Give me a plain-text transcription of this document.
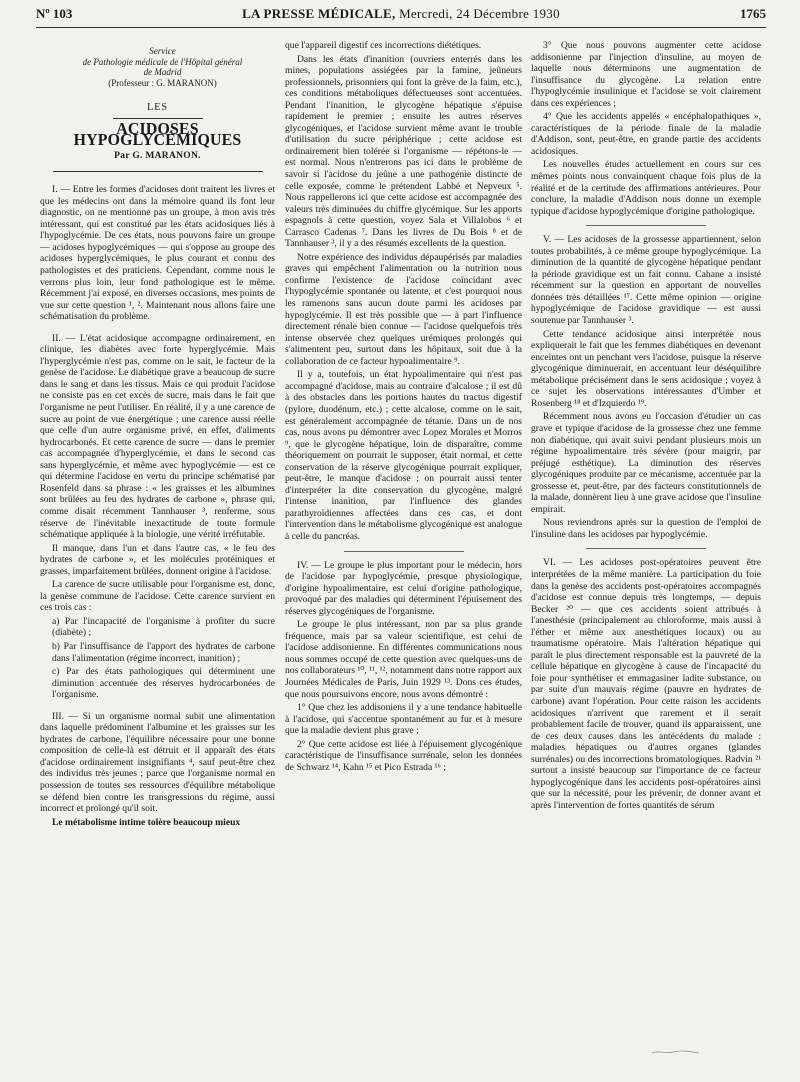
Nº 103	LA PRESSE MÉDICALE, Mercredi, 24 Décembre 1930	1765
Service
de Pathologie médicale de l'Hôpital général
de Madrid
(Professeur : G. MARANON)
LES
ACIDOSES HYPOGLYCÉMIQUES
Par G. MARANON.

I. — Entre les formes d'acidoses dont traitent les livres et que les médecins ont dans la mémoire quand ils font leur diagnostic, on ne mentionne pas un groupe, à mon avis très intéressant, qui est constitué par les états acidosiques liés à l'hypoglycémie. De ces états, nous pouvons faire un groupe — acidoses hypoglycémiques — qui s'oppose au groupe des acidoses hyperglycémiques, le plus courant et connu des pathologistes et des praticiens. Cependant, comme nous le verrons plus loin, leur fond pathologique est le même. Récemment j'ai exposé, en diverses occasions, mes points de vue sur cette question ¹, ². Maintenant nous allons faire une schématisation du problème.

II. — L'état acidosique accompagne ordinairement, en clinique, les diabètes avec forte hyperglycémie. Mais l'hyperglycémie n'est pas, comme on le sait, le facteur de la genèse de l'acidose. Le diabétique grave a beaucoup de sucre dans le sang et dans les tissus. Mais ce qui produit l'acidose ne consiste pas en cet excès de sucre, mais dans le fait que l'organisme ne peut l'utiliser. En réalité, il y a une carence de sucre au point de vue énergétique ; une carence aussi réelle que celle d'un autre organisme privé, en effet, d'aliments hydrocarbonés. Et cette carence de sucre — dans le premier cas accompagnée d'hyperglycémie, et dans le second cas sans hyperglycémie, et même avec hypoglycémie — est ce qui détermine l'acidose en vertu du principe schématisé par Rosenfeld dans sa phrase : « les graisses et les albumines sont brûlées au feu des hydrates de carbone », phrase qui, comme disait récemment Tannhauser ³, renferme, sous réserve de l'inévitable inexactitude de toute formule schématique appliquée à la biologie, une vérité irréfutable.

Il manque, dans l'un et dans l'autre cas, « le feu des hydrates de carbone », et les molécules protéiniques et grasses, imparfaitement brûlées, donnent origine à l'acidose.

La carence de sucre utilisable pour l'organisme est, donc, la genèse commune de l'acidose. Cette carence survient en ces trois cas :

a) Par l'incapacité de l'organisme à profiter du sucre (diabète) ;

b) Par l'insuffisance de l'apport des hydrates de carbone dans l'alimentation (régime incorrect, inanition) ;

c) Par des états pathologiques qui déterminent une diminution accentuée des réserves hydrocarbonées de l'organisme.

III. — Si un organisme normal subit une alimentation dans laquelle prédominent l'albumine et les graisses sur les hydrates de carbone, l'équilibre nécessaire pour une bonne composition de celle-là est détruit et il apparaît des états d'acidose ordinairement insignifiants ⁴, sauf peut-être chez des individus très jeunes ; parce que l'organisme normal en possession de toutes ses ressources d'équilibre métabolique se défend bien contre les transgressions du régime, aussi incorrect et prolongé qu'il soit.

Le métabolisme intime tolère beaucoup mieux

que l'appareil digestif ces incorrections diététiques.

Dans les états d'inanition (ouvriers enterrés dans les mines, populations assiégées par la famine, jeûneurs professionnels, prisonniers qui font la grève de la faim, etc.), ces conditions métaboliques défectueuses sont accentuées. Pendant l'inanition, le glycogène hépatique s'épuise rapidement le premier ; ensuite les autres réserves glycogéniques, et l'acidose survient même avant le trouble d'utilisation du sucre périphérique ; cette acidose est ordinairement bien tolérée si l'organisme — répétons-le — est normal. Nous n'entrerons pas ici dans le problème de savoir si l'acidose du jeûne a une pathogénie distincte de celle exposée, comme le prétendent Labbé et Nepveux ⁵. Nous rappellerons ici que cette acidose est accompagnée des valeurs très diminuées du chiffre glycémique. Sur les apports espagnols à cette question, voyez Sala et Villalobos ⁶ et Carrasco Cadenas ⁷. Dans les livres de Du Bois ⁸ et de Tannhauser ³, il y a des résumés excellents de la question.

Notre expérience des individus dépaupérisés par maladies graves qui empêchent l'alimentation ou la nutrition nous confirme l'existence de l'acidose coïncidant avec l'hypoglycémie spontanée ou latente, et c'est pourquoi nous les ramenons sans aucun doute parmi les acidoses par hypoglycémie. Il est très possible que — à part l'influence directement rénale bien connue — l'acidose quelquefois très intense observée chez quelques urémiques prolongés qui s'alimentent peu, surtout dans les hôpitaux, soit due à la collaboration de ce facteur hypoalimentaire ⁹.

Il y a, toutefois, un état hypoalimentaire qui n'est pas accompagné d'acidose, mais au contraire d'alcalose ; il est dû à des obstacles dans les portions hautes du tractus digestif (pylore, duodénum, etc.) ; cette alcalose, comme on le sait, est généralement accompagnée de tétanie. Dans un de nos cas, nous avons pu démontrer avec Lopez Morales et Morros ⁹, que le glycogène hépatique, loin de disparaître, comme théoriquement on pourrait le supposer, était normal, et cette conservation de la réserve glycogénique pourrait expliquer, peut-être, le manque d'acidose ; on pourrait aussi tenter d'interpréter la dite conservation du glycogène, malgré l'intense inanition, par l'influence des glandes parathyroïdiennes affectées dans ces cas, et dont l'intervention dans le métabolisme glycogénique est analogue à celle du pancréas.

IV. — Le groupe le plus important pour le médecin, hors de l'acidose par hypoglycémie, presque physiologique, d'origine hypoalimentaire, est celui d'origine pathologique, provoqué par des maladies qui déterminent l'épuisement des réserves glycogéniques de l'organisme.

Le groupe le plus intéressant, non par sa plus grande fréquence, mais par sa valeur scientifique, est celui de l'acidose addisonienne. En différentes communications nous nous sommes occupé de cette question avec quelques-uns de nos collaborateurs ¹⁰, ¹¹, ¹², notamment dans notre rapport aux Journées Médicales de Paris, Juin 1929 ¹³. Dons ces études, que nous poursuivons encore, nous avons démontré :

1° Que chez les addisoniens il y a une tendance habituelle à l'acidose, qui s'accentue spontanément au fur et à mesure que la maladie devient plus grave ;

2° Que cette acidose est liée à l'épuisement glycogénique caractéristique de l'insuffisance surrénale, selon les données de Schwarz ¹⁴, Kahn ¹⁵ et Pico Estrada ¹⁶ ;

3° Que nous pouvons augmenter cette acidose addisonienne par l'injection d'insuline, au moyen de laquelle nous déterminons une augmentation de l'insuffisance du glycogène. La relation entre l'hypoglycémie insulinique et l'acidose se voit clairement dans ces expériences ;

4° Que les accidents appelés « encéphalopathiques », caractéristiques de la période finale de la maladie d'Addison, sont, peut-être, en grande partie des accidents acidosiques.

Les nouvelles études actuellement en cours sur ces mêmes points nous convainquent chaque fois plus de la réalité et de la certitude des affirmations antérieures. Pour conclure, la maladie d'Addison nous donne un exemple typique d'acidose hypoglycémique d'origine pathologique.

V. — Les acidoses de la grossesse appartiennent, selon toutes probabilités, à ce même groupe hypoglycémique. La diminution de la quantité de glycogène hépatique pendant la période gravidique est un fait connu. Cahane a insisté récemment sur la question en apportant de nouvelles données très détaillées ¹⁷. Cette même opinion — origine hypoglycémique de l'acidose gravidique — est aussi soutenue par Tannhauser ³.

Cette tendance acidosique ainsi interprétée nous expliquerait le fait que les femmes diabétiques en devenant enceintes ont un penchant vers l'acidose, puisque la réserve glycogénique diminuerait, en accentuant leur déséquilibre métabolique précisément dans le sens acidosique ; voyez à ce sujet les observations intéressantes d'Umber et Rosenberg ¹⁸ et d'Izquierdo ¹⁹.

Récemment nous avons eu l'occasion d'étudier un cas grave et typique d'acidose de la grossesse chez une femme non diabétique, qui avait suivi pendant plusieurs mois un régime hypoalimentaire très sévère (pour maigrir, par préjugé esthétique). La diminution des réserves glycogéniques produite par ce mécanisme, accentuée par la grossesse et, peut-être, par des facteurs constitutionnels de la malade, donnèrent lieu à une grave acidose que l'insuline empirait.

Nous reviendrons après sur la question de l'emploi de l'insuline dans les acidoses par hypoglycémie.

VI. — Les acidoses post-opératoires peuvent être interprétées de la même manière. La participation du foie dans la genèse des accidents post-opératoires accompagnés d'acidose est connue depuis très longtemps, — depuis Becker ²⁰ — que ces accidents soient attribués à l'anesthésie (principalement au chloroforme, mais aussi à l'éther et même aux anesthétiques locaux) ou au traumatisme opératoire. Mais l'altération hépatique qui paraît le plus directement responsable est la pauvreté de la cellule hépatique en glycogène à cause de l'incapacité du foie pour synthétiser et emmagasiner ladite substance, ou par suite d'un mauvais régime (pauvre en hydrates de carbone) avant l'opération. Pour cette raison les accidents acidosiques n'arrivent que rarement et il serait probablement facile de trouver, quand ils apparaissent, une de ces deux causes dans les antécédents du malade : maladies hépatiques ou d'autres organes (glandes surrénales) ou des incorrections bromatologiques. Radvin ²¹ surtout a insisté beaucoup sur l'importance de ce facteur hypoglycogénique dans les accidents post-opératoires ainsi que sur la nécessité, pour les prévenir, de donner avant et après l'intervention de fortes quantités de sérum
